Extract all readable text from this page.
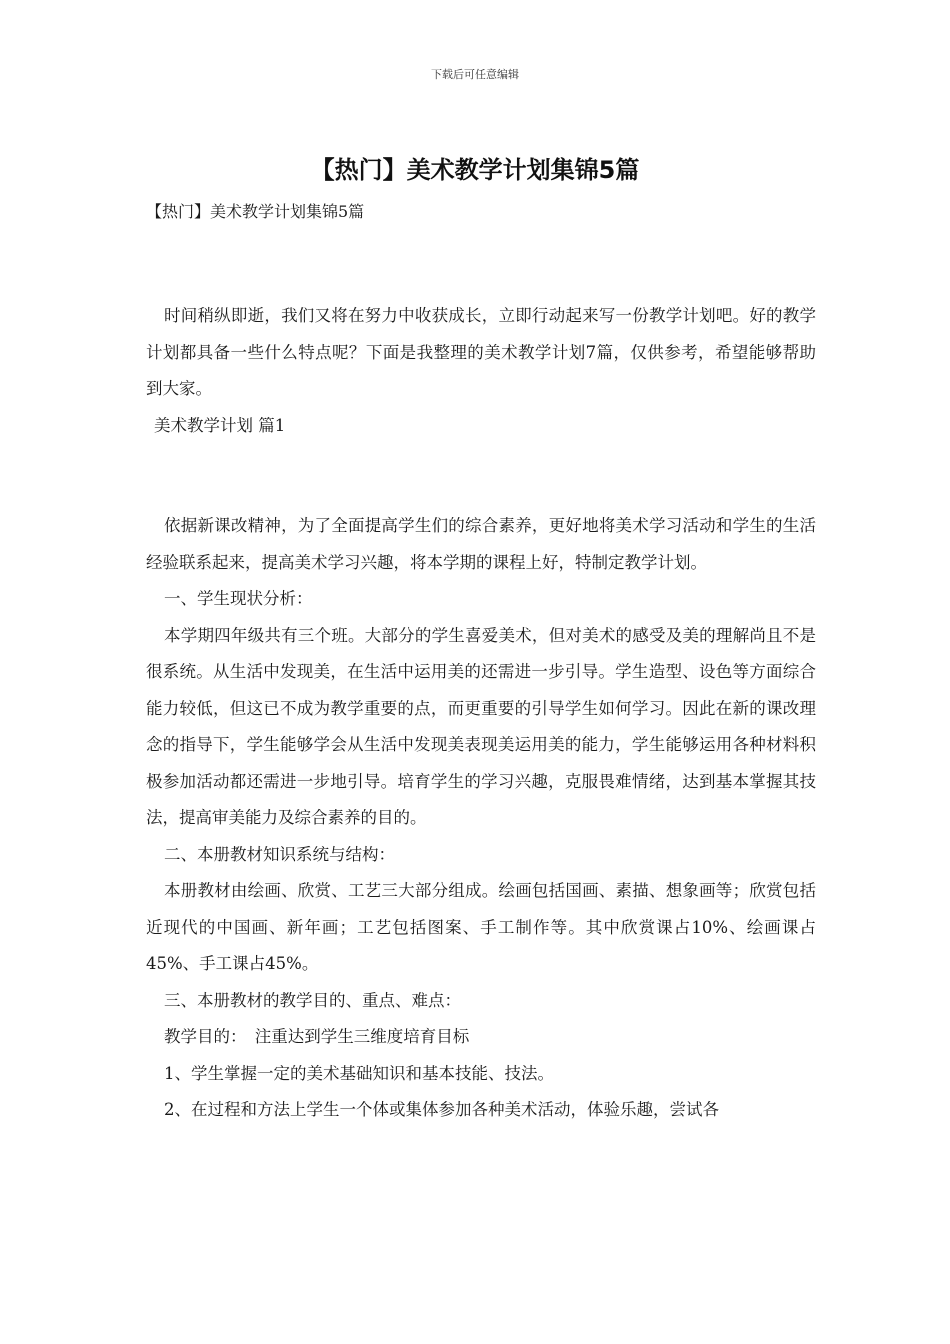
下载后可任意编辑
【热门】美术教学计划集锦5篇
【热门】美术教学计划集锦5篇

时间稍纵即逝，我们又将在努力中收获成长，立即行动起来写一份教学计划吧。好的教学计划都具备一些什么特点呢？下面是我整理的美术教学计划7篇，仅供参考，希望能够帮助到大家。

美术教学计划 篇1

依据新课改精神，为了全面提高学生们的综合素养，更好地将美术学习活动和学生的生活经验联系起来，提高美术学习兴趣，将本学期的课程上好，特制定教学计划。

一、学生现状分析：

本学期四年级共有三个班。大部分的学生喜爱美术，但对美术的感受及美的理解尚且不是很系统。从生活中发现美，在生活中运用美的还需进一步引导。学生造型、设色等方面综合能力较低，但这已不成为教学重要的点，而更重要的引导学生如何学习。因此在新的课改理念的指导下，学生能够学会从生活中发现美表现美运用美的能力，学生能够运用各种材料积极参加活动都还需进一步地引导。培育学生的学习兴趣，克服畏难情绪，达到基本掌握其技法，提高审美能力及综合素养的目的。

二、本册教材知识系统与结构：

本册教材由绘画、欣赏、工艺三大部分组成。绘画包括国画、素描、想象画等；欣赏包括近现代的中国画、新年画；工艺包括图案、手工制作等。其中欣赏课占10%、绘画课占45%、手工课占45%。

三、本册教材的教学目的、重点、难点：

教学目的：　注重达到学生三维度培育目标

1、学生掌握一定的美术基础知识和基本技能、技法。

2、在过程和方法上学生一个体或集体参加各种美术活动，体验乐趣，尝试各
